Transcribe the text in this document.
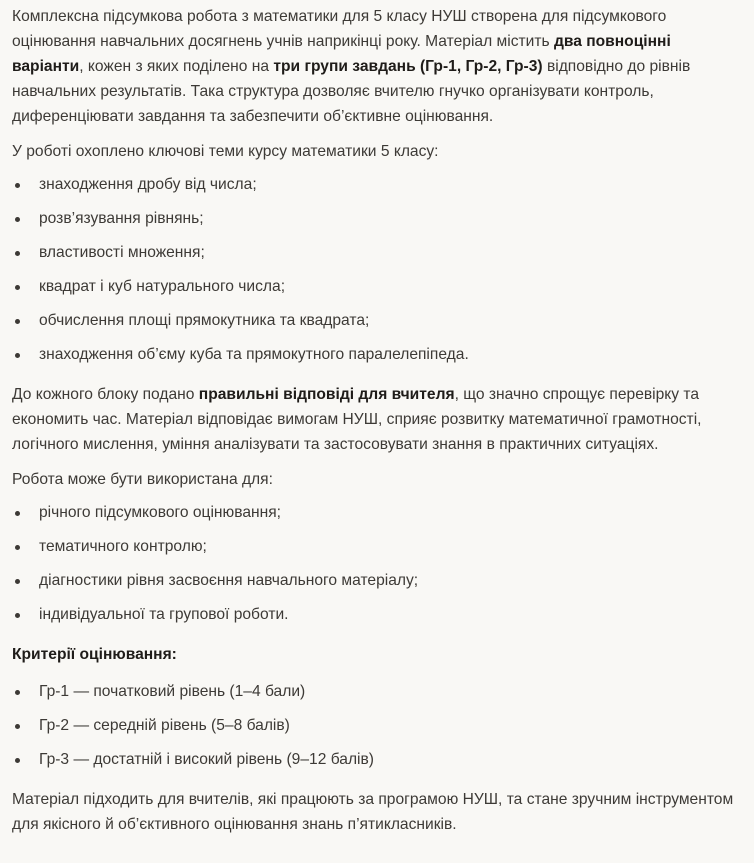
Комплексна підсумкова робота з математики для 5 класу НУШ створена для підсумкового оцінювання навчальних досягнень учнів наприкінці року. Матеріал містить два повноцінні варіанти, кожен з яких поділено на три групи завдань (Гр-1, Гр-2, Гр-3) відповідно до рівнів навчальних результатів. Така структура дозволяє вчителю гнучко організувати контроль, диференціювати завдання та забезпечити об’єктивне оцінювання.

У роботі охоплено ключові теми курсу математики 5 класу:

знаходження дробу від числа;
розв’язування рівнянь;
властивості множення;
квадрат і куб натурального числа;
обчислення площі прямокутника та квадрата;
знаходження об’єму куба та прямокутного паралелепіпеда.

До кожного блоку подано правильні відповіді для вчителя, що значно спрощує перевірку та економить час. Матеріал відповідає вимогам НУШ, сприяє розвитку математичної грамотності, логічного мислення, уміння аналізувати та застосовувати знання в практичних ситуаціях.

Робота може бути використана для:

річного підсумкового оцінювання;
тематичного контролю;
діагностики рівня засвоєння навчального матеріалу;
індивідуальної та групової роботи.

Критерії оцінювання:

Гр-1 — початковий рівень (1–4 бали)
Гр-2 — середній рівень (5–8 балів)
Гр-3 — достатній і високий рівень (9–12 балів)

Матеріал підходить для вчителів, які працюють за програмою НУШ, та стане зручним інструментом для якісного й об’єктивного оцінювання знань п’ятикласників.
